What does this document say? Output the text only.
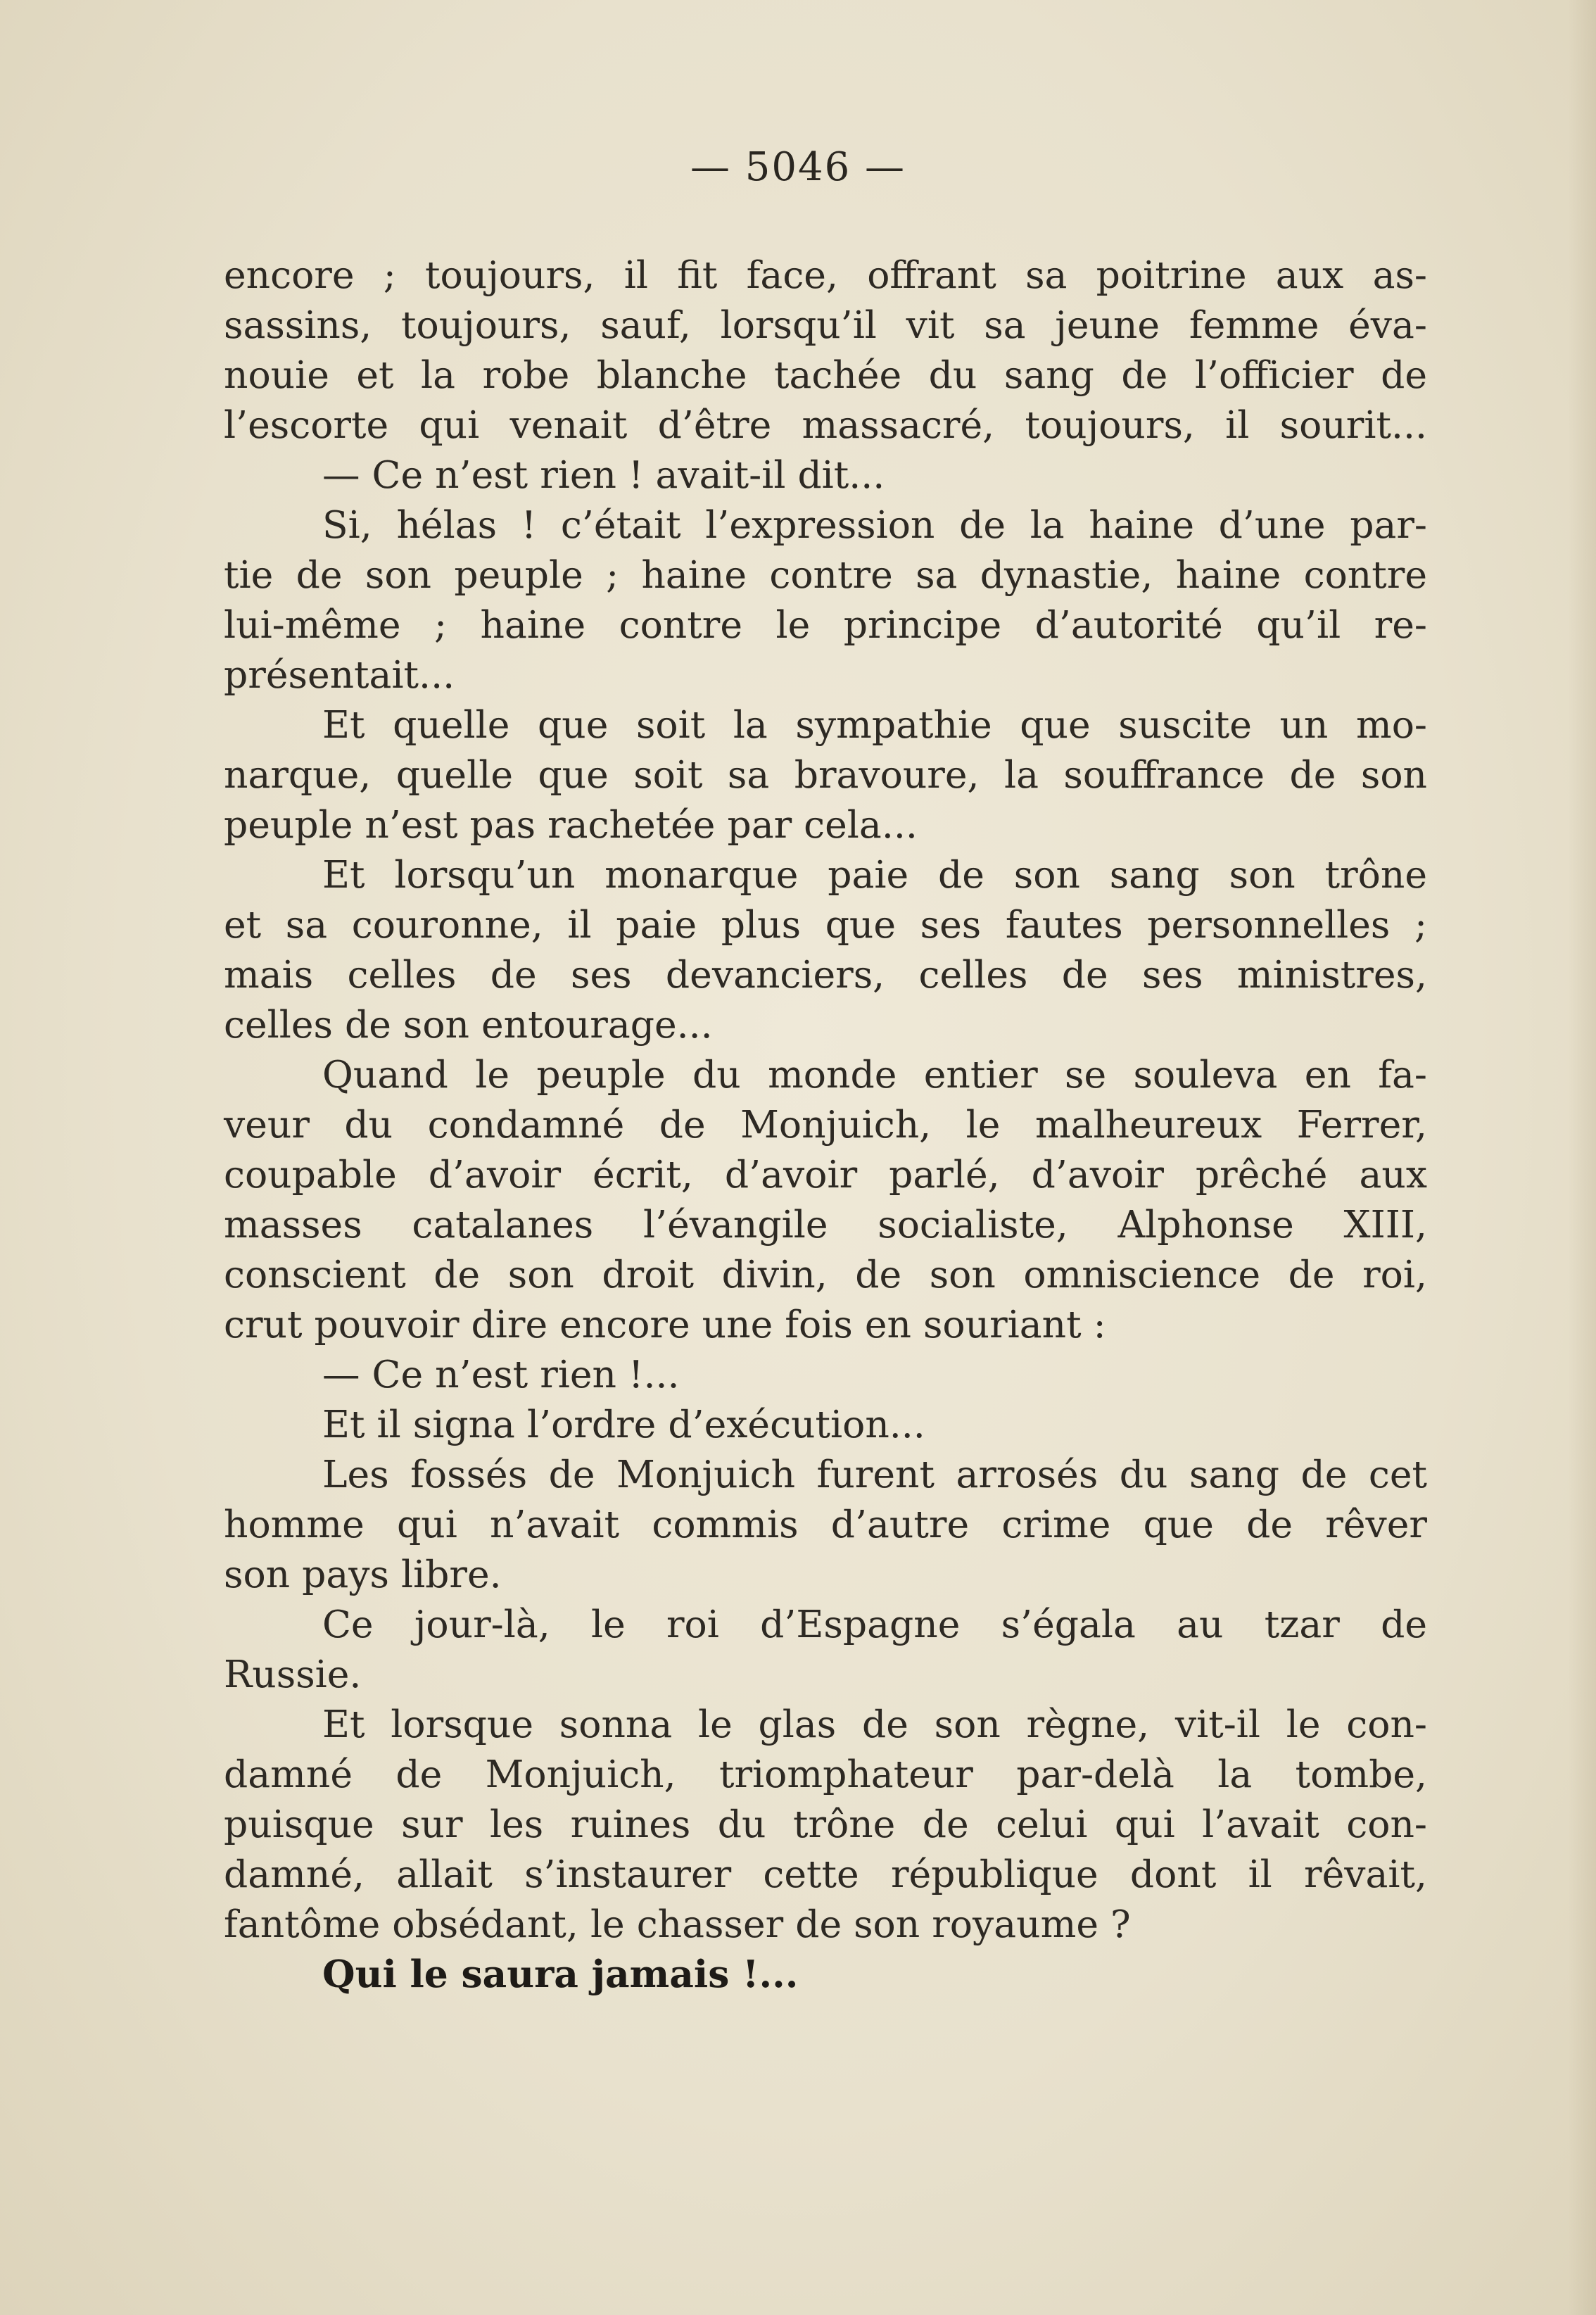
— 5046 —
encore ; toujours, il fit face, offrant sa poitrine aux as-
sassins, toujours, sauf, lorsqu’il vit sa jeune femme éva-
nouie et la robe blanche tachée du sang de l’officier de
l’escorte qui venait d’être massacré, toujours, il sourit...
— Ce n’est rien ! avait-il dit...
Si, hélas ! c’était l’expression de la haine d’une par-
tie de son peuple ; haine contre sa dynastie, haine contre
lui-même ; haine contre le principe d’autorité qu’il re-
présentait...
Et quelle que soit la sympathie que suscite un mo-
narque, quelle que soit sa bravoure, la souffrance de son
peuple n’est pas rachetée par cela...
Et lorsqu’un monarque paie de son sang son trône
et sa couronne, il paie plus que ses fautes personnelles ;
mais celles de ses devanciers, celles de ses ministres,
celles de son entourage...
Quand le peuple du monde entier se souleva en fa-
veur du condamné de Monjuich, le malheureux Ferrer,
coupable d’avoir écrit, d’avoir parlé, d’avoir prêché aux
masses catalanes l’évangile socialiste, Alphonse XIII,
conscient de son droit divin, de son omniscience de roi,
crut pouvoir dire encore une fois en souriant :
— Ce n’est rien !...
Et il signa l’ordre d’exécution...
Les fossés de Monjuich furent arrosés du sang de cet
homme qui n’avait commis d’autre crime que de rêver
son pays libre.
Ce jour-là, le roi d’Espagne s’égala au tzar de
Russie.
Et lorsque sonna le glas de son règne, vit-il le con-
damné de Monjuich, triomphateur par-delà la tombe,
puisque sur les ruines du trône de celui qui l’avait con-
damné, allait s’instaurer cette république dont il rêvait,
fantôme obsédant, le chasser de son royaume ?
Qui le saura jamais !...
